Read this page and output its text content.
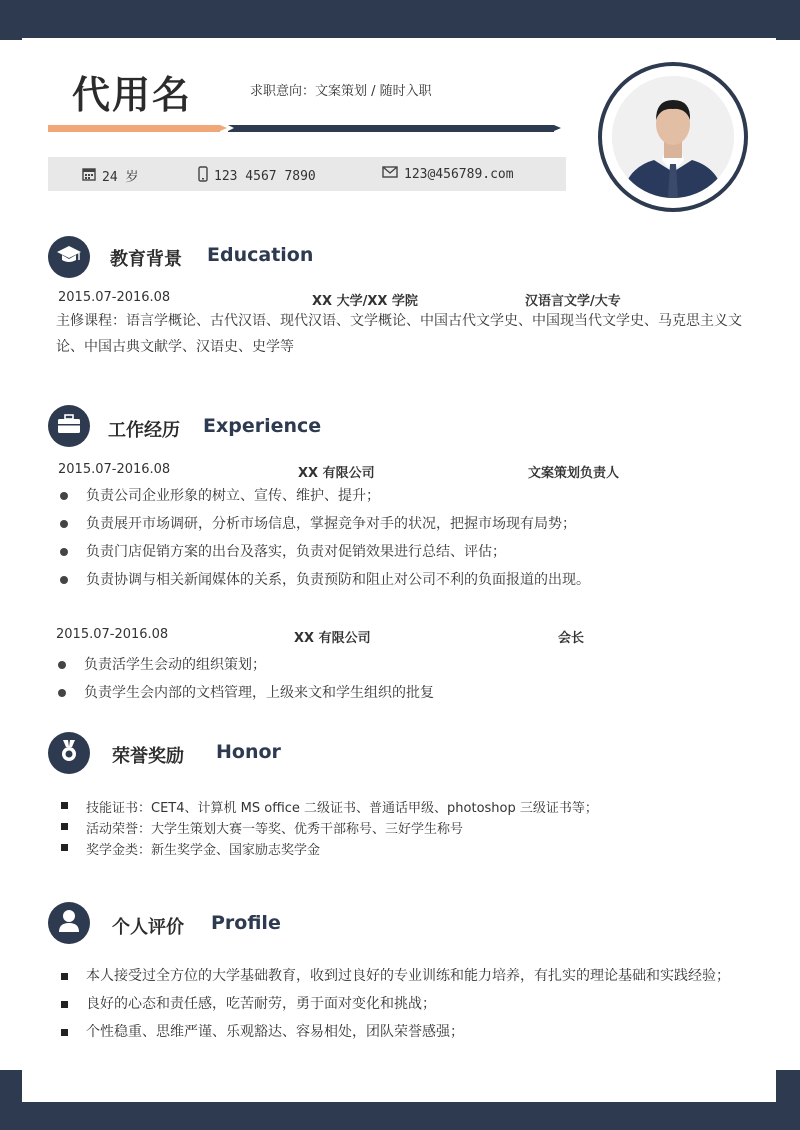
代用名	求职意向：文案策划 / 随时入职
24 岁	123 4567 7890	123@456789.com
教育背景 Education
2015.07-2016.08	XX 大学/XX 学院	汉语言文学/大专
主修课程：语言学概论、古代汉语、现代汉语、文学概论、中国古代文学史、中国现当代文学史、马克思主义文论、中国古典文献学、汉语史、史学等
工作经历 Experience
2015.07-2016.08	XX 有限公司	文案策划负责人
负责公司企业形象的树立、宣传、维护、提升；
负责展开市场调研，分析市场信息，掌握竞争对手的状况，把握市场现有局势；
负责门店促销方案的出台及落实，负责对促销效果进行总结、评估；
负责协调与相关新闻媒体的关系，负责预防和阻止对公司不利的负面报道的出现。
2015.07-2016.08	XX 有限公司	会长
负责活学生会动的组织策划；
负责学生会内部的文档管理，上级来文和学生组织的批复
荣誉奖励 Honor
技能证书：CET4、计算机 MS office 二级证书、普通话甲级、photoshop 三级证书等；
活动荣誉：大学生策划大赛一等奖、优秀干部称号、三好学生称号
奖学金类：新生奖学金、国家励志奖学金
个人评价 Profile
本人接受过全方位的大学基础教育，收到过良好的专业训练和能力培养，有扎实的理论基础和实践经验；
良好的心态和责任感，吃苦耐劳，勇于面对变化和挑战；
个性稳重、思维严谨、乐观豁达、容易相处，团队荣誉感强；
